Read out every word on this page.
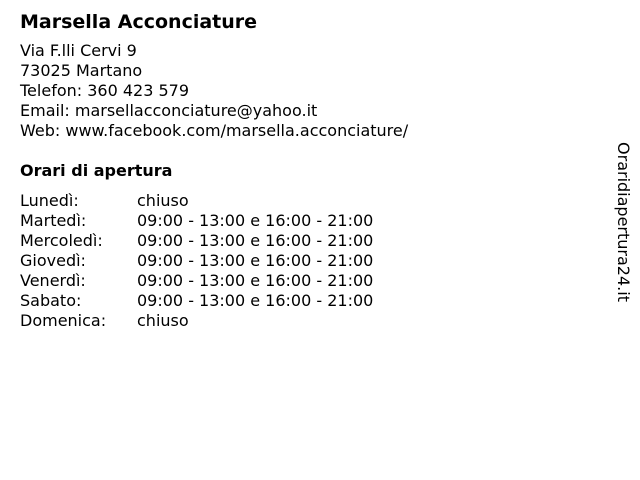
Marsella Acconciature
Via F.lli Cervi 9
73025 Martano
Telefon: 360 423 579
Email: marsellacconciature@yahoo.it
Web: www.facebook.com/marsella.acconciature/
Orari di apertura
Lunedì:	chiuso
Martedì:	09:00 - 13:00 e 16:00 - 21:00
Mercoledì:	09:00 - 13:00 e 16:00 - 21:00
Giovedì:	09:00 - 13:00 e 16:00 - 21:00
Venerdì:	09:00 - 13:00 e 16:00 - 21:00
Sabato:	09:00 - 13:00 e 16:00 - 21:00
Domenica:	chiuso
Oraridiapertura24.it
